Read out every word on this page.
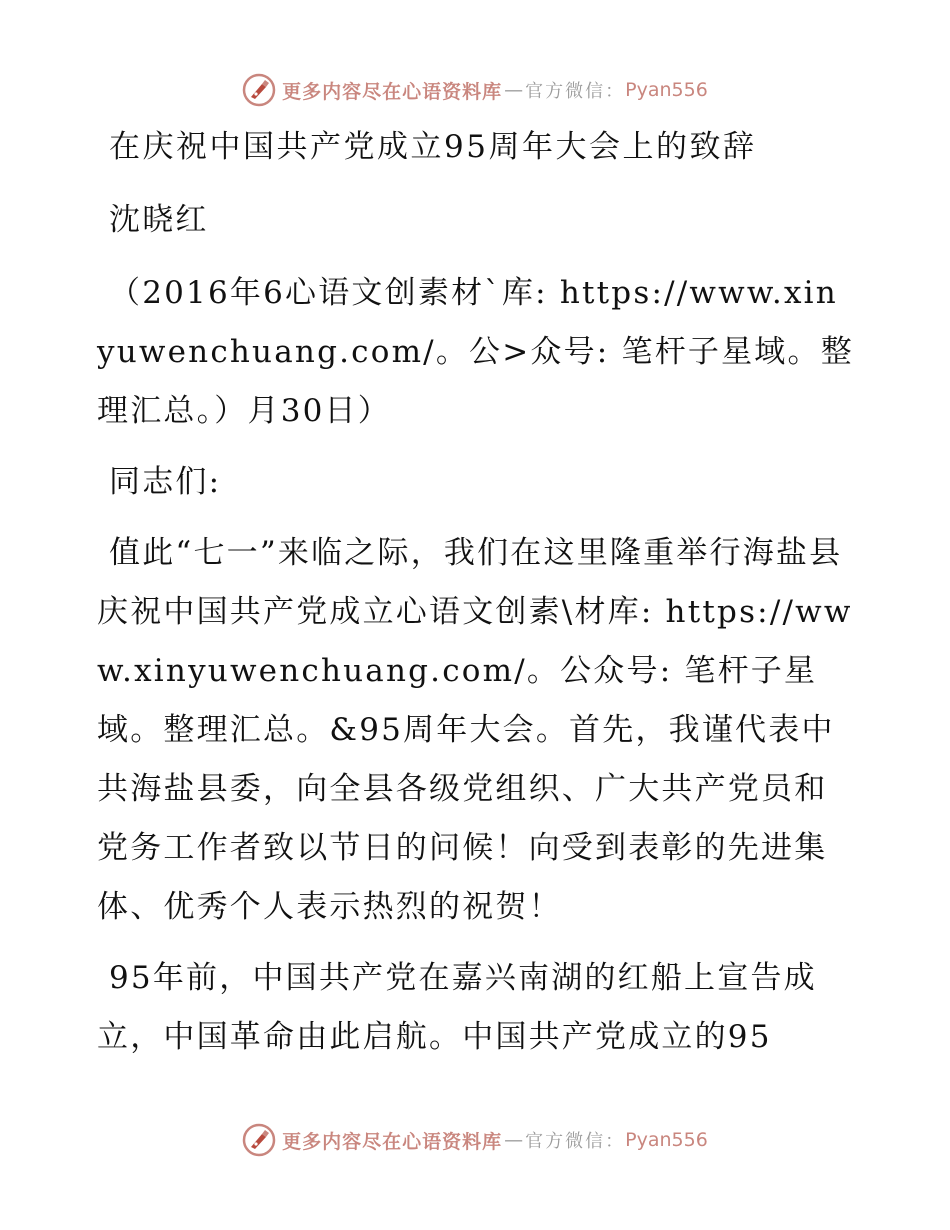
更多内容尽在心语资料库 — 官方微信： Pyan556

在庆祝中国共产党成立95周年大会上的致辞

沈晓红

（2016年6心语文创素材`库: https://www.xinyuwenchuang.com/。公>众号: 笔杆子星域。整理汇总。）月30日）

同志们:

值此“七一”来临之际，我们在这里隆重举行海盐县庆祝中国共产党成立心语文创素\材库: https://www.xinyuwenchuang.com/。公众号: 笔杆子星域。整理汇总。&95周年大会。首先，我谨代表中共海盐县委，向全县各级党组织、广大共产党员和党务工作者致以节日的问候！向受到表彰的先进集体、优秀个人表示热烈的祝贺！

95年前，中国共产党在嘉兴南湖的红船上宣告成立，中国革命由此启航。中国共产党成立的95

更多内容尽在心语资料库 — 官方微信： Pyan556
